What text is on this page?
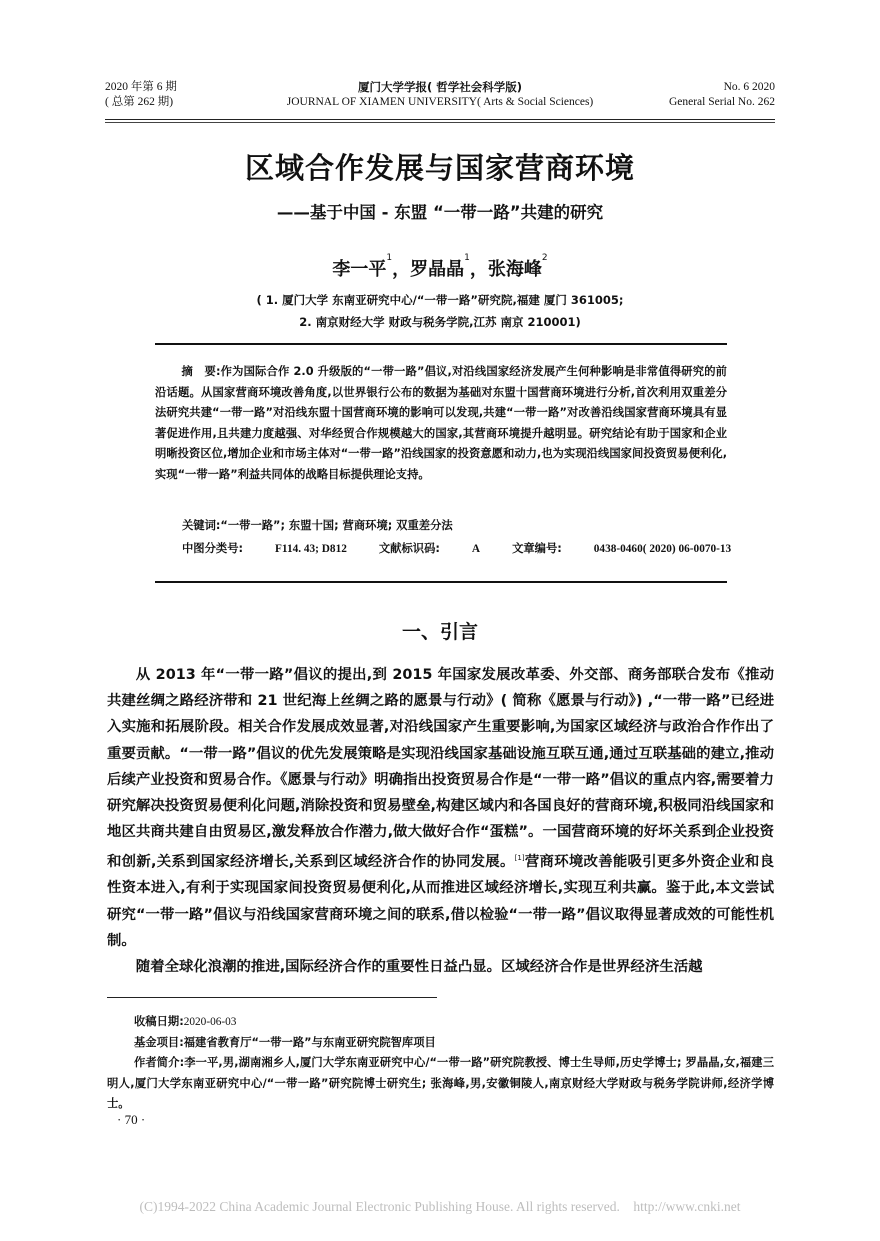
2020 年第 6 期
( 总第 262 期)
厦门大学学报( 哲学社会科学版)
JOURNAL OF XIAMEN UNIVERSITY( Arts & Social Sciences)
No. 6 2020
General Serial No. 262
区域合作发展与国家营商环境
——基于中国 - 东盟 “一带一路”共建的研究
李一平$^1$，罗晶晶$^1$，张海峰$^2$
( 1. 厦门大学 东南亚研究中心/“一带一路”研究院,福建 厦门 361005;
2. 南京财经大学 财政与税务学院,江苏 南京 210001)
摘　要:作为国际合作 2.0 升级版的“一带一路”倡议,对沿线国家经济发展产生何种影响是非常值得研究的前沿话题。从国家营商环境改善角度,以世界银行公布的数据为基础对东盟十国营商环境进行分析,首次利用双重差分法研究共建“一带一路”对沿线东盟十国营商环境的影响可以发现,共建“一带一路”对改善沿线国家营商环境具有显著促进作用,且共建力度越强、对华经贸合作规模越大的国家,其营商环境提升越明显。研究结论有助于国家和企业明晰投资区位,增加企业和市场主体对“一带一路”沿线国家的投资意愿和动力,也为实现沿线国家间投资贸易便利化,实现“一带一路”利益共同体的战略目标提供理论支持。
关键词:“一带一路”; 东盟十国; 营商环境; 双重差分法
中图分类号:	F114. 43; D812	文献标识码:	A	文章编号:	0438-0460( 2020) 06-0070-13
一、引言

从 2013 年“一带一路”倡议的提出,到 2015 年国家发展改革委、外交部、商务部联合发布《推动共建丝绸之路经济带和 21 世纪海上丝绸之路的愿景与行动》( 简称《愿景与行动》) ,“一带一路”已经进入实施和拓展阶段。相关合作发展成效显著,对沿线国家产生重要影响,为国家区域经济与政治合作作出了重要贡献。“一带一路”倡议的优先发展策略是实现沿线国家基础设施互联互通,通过互联基础的建立,推动后续产业投资和贸易合作。《愿景与行动》明确指出投资贸易合作是“一带一路”倡议的重点内容,需要着力研究解决投资贸易便利化问题,消除投资和贸易壁垒,构建区域内和各国良好的营商环境,积极同沿线国家和地区共商共建自由贸易区,激发释放合作潜力,做大做好合作“蛋糕”。一国营商环境的好坏关系到企业投资和创新,关系到国家经济增长,关系到区域经济合作的协同发展。[1]营商环境改善能吸引更多外资企业和良性资本进入,有利于实现国家间投资贸易便利化,从而推进区域经济增长,实现互利共赢。鉴于此,本文尝试研究“一带一路”倡议与沿线国家营商环境之间的联系,借以检验“一带一路”倡议取得显著成效的可能性机制。

随着全球化浪潮的推进,国际经济合作的重要性日益凸显。区域经济合作是世界经济生活越

收稿日期:2020-06-03
基金项目:福建省教育厅“一带一路”与东南亚研究院智库项目
作者简介:李一平,男,湖南湘乡人,厦门大学东南亚研究中心/“一带一路”研究院教授、博士生导师,历史学博士; 罗晶晶,女,福建三明人,厦门大学东南亚研究中心/“一带一路”研究院博士研究生; 张海峰,男,安徽铜陵人,南京财经大学财政与税务学院讲师,经济学博士。
· 70 ·
(C)1994-2022 China Academic Journal Electronic Publishing House. All rights reserved.    http://www.cnki.net
